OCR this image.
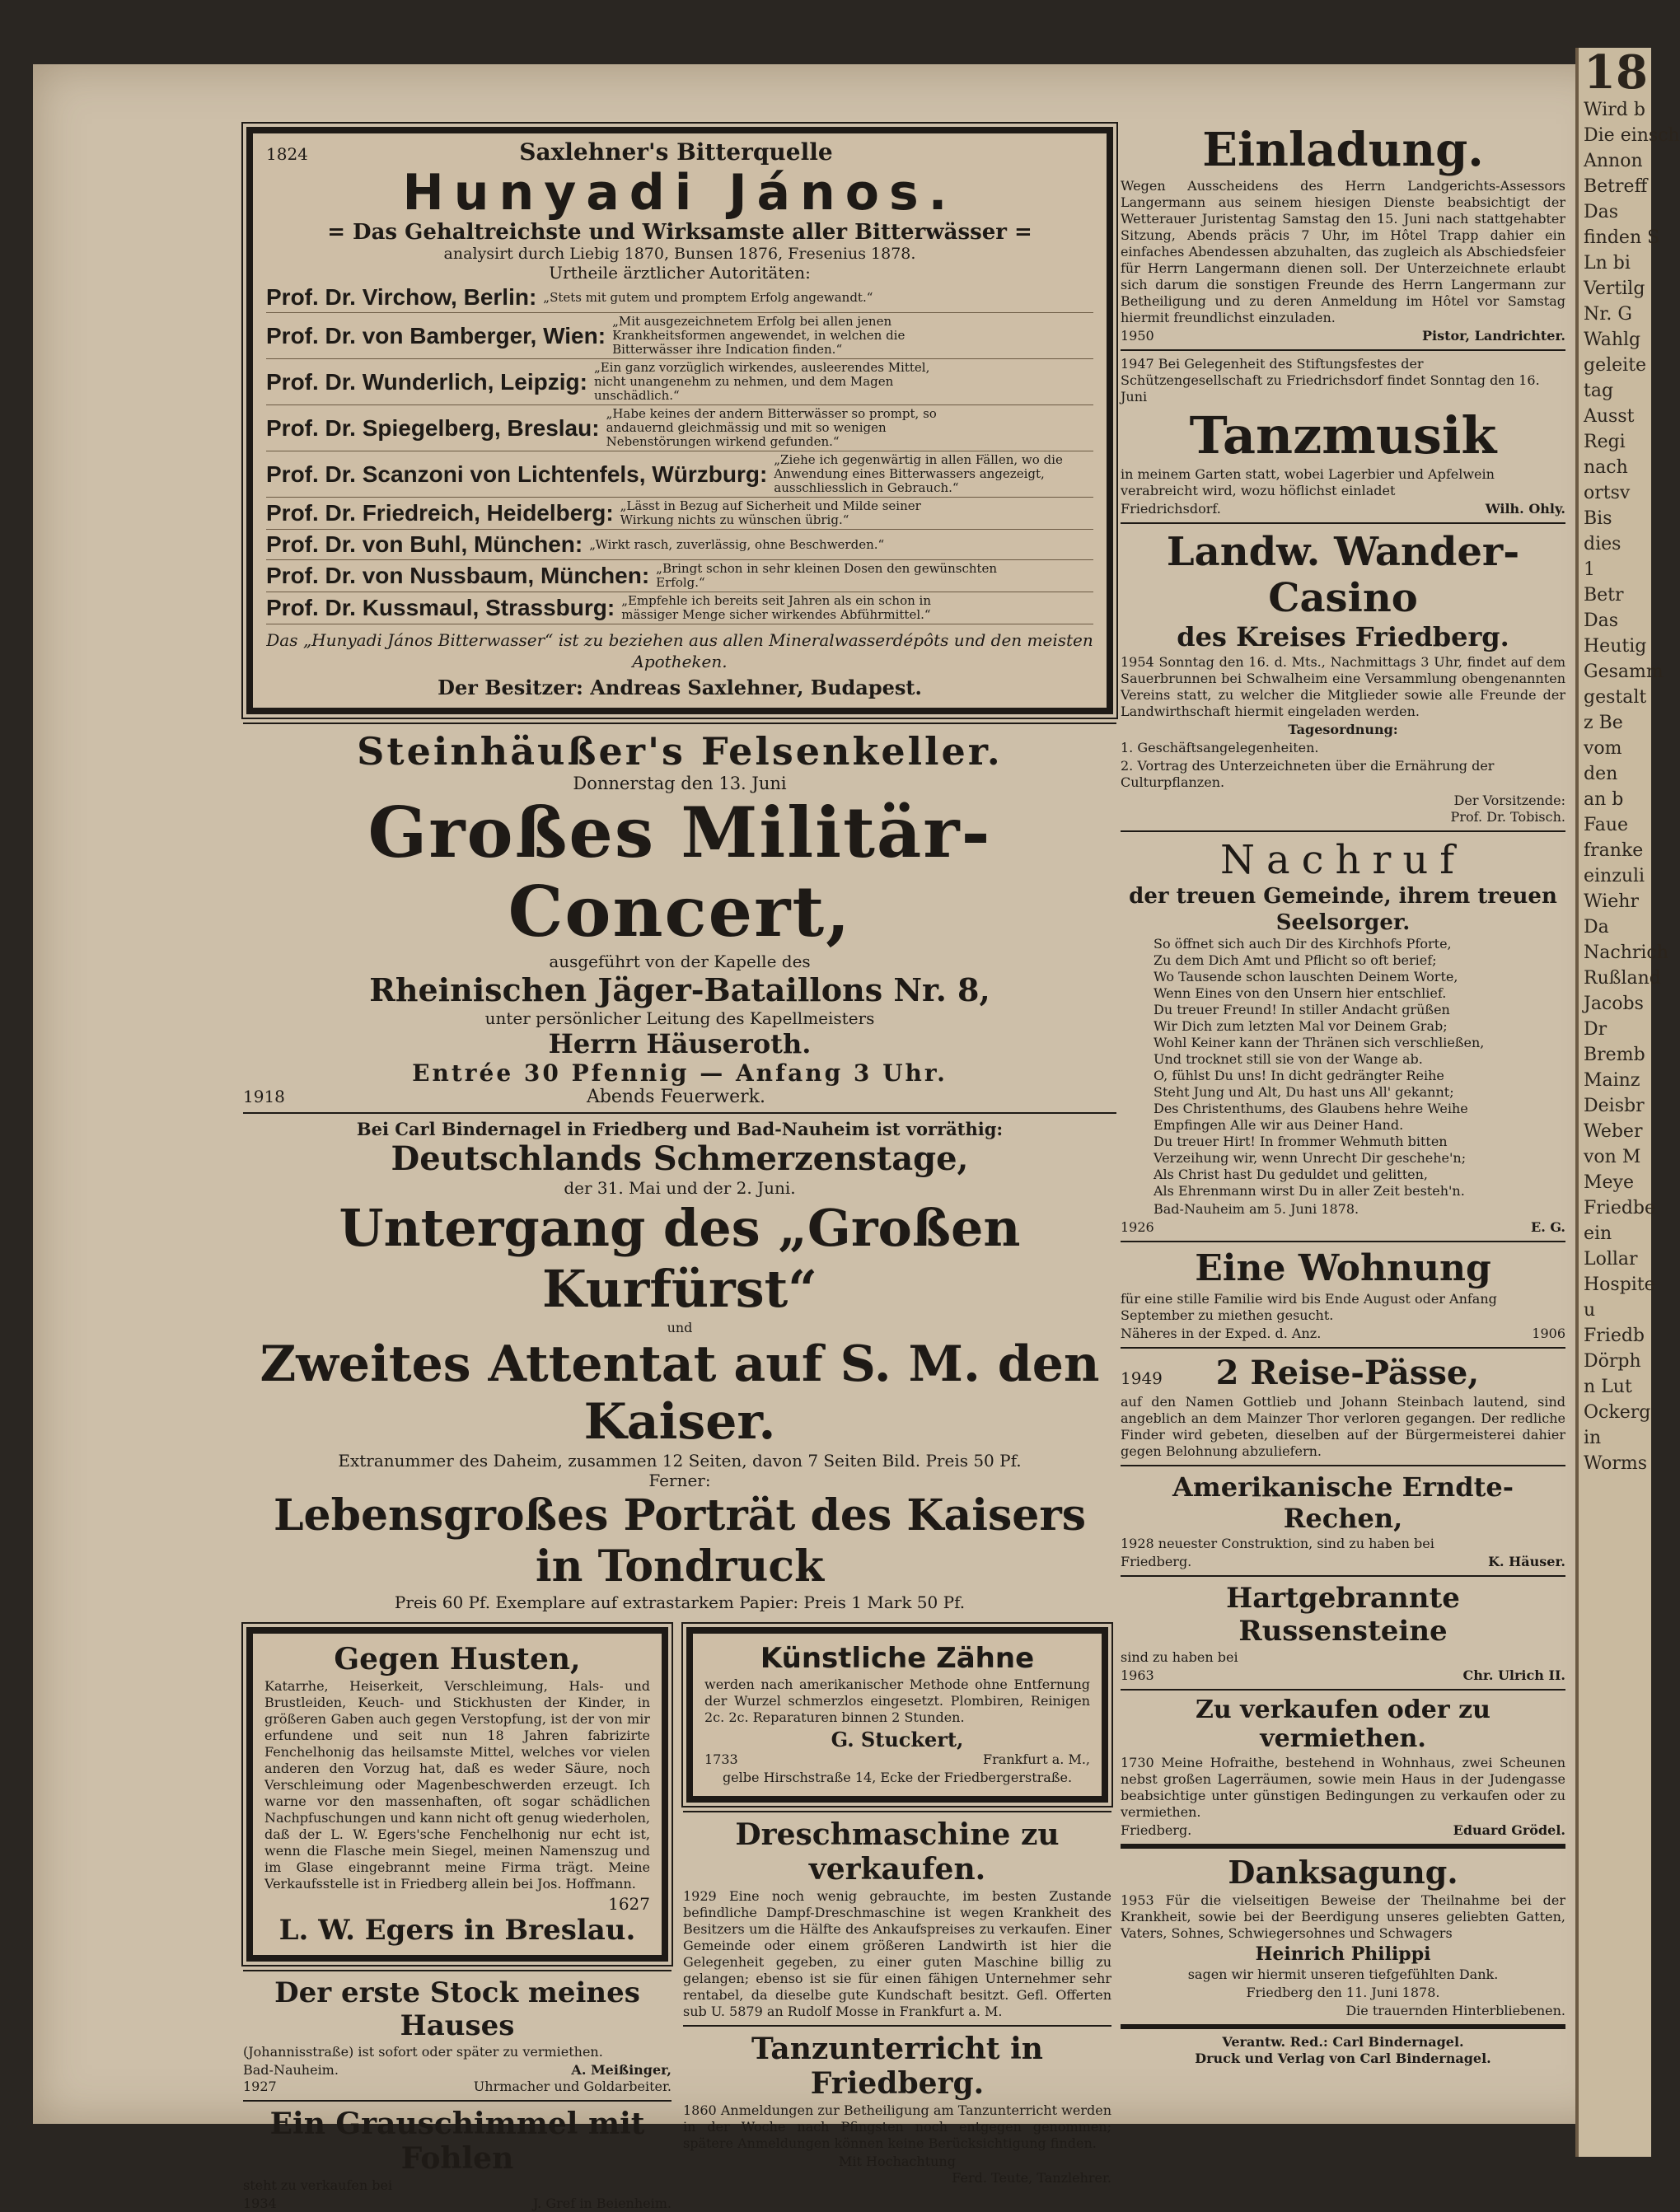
18
Wird b
Die einsch
Annon
Betreff
Das
finden S
Ln bi
Vertilg
Nr. G
Wahlg
geleite
tag
Ausst
Regi
nach
ortsv
Bis
dies
1
Betr
Das
Heutig
Gesamm
gestalt
z Be
vom
den
an b
Faue
franke
einzuli
Wiehr
Da
Nachrich
Rußland
Jacobs
Dr
Bremb
Mainz
Deisbr
Weber
von M
Meye
Friedbe
ein
Lollar
Hospite
u
Friedb
Dörph
n Lut
Ockerg
in
Worms
1824	Saxlehner's Bitterquelle
Hunyadi János.
= Das Gehaltreichste und Wirksamste aller Bitterwässer =
analysirt durch Liebig 1870, Bunsen 1876, Fresenius 1878.
Urtheile ärztlicher Autoritäten:
Prof. Dr. Virchow, Berlin: „Stets mit gutem und promptem Erfolg angewandt.“
Prof. Dr. von Bamberger, Wien:
„Mit ausgezeichnetem Erfolg bei allen jenen Krankheitsformen angewendet, in welchen die Bitterwässer ihre Indication finden.“
Prof. Dr. Wunderlich, Leipzig:
„Ein ganz vorzüglich wirkendes, ausleerendes Mittel, nicht unangenehm zu nehmen, und dem Magen unschädlich.“
Prof. Dr. Spiegelberg, Breslau:
„Habe keines der andern Bitterwässer so prompt, so andauernd gleichmässig und mit so wenigen Nebenstörungen wirkend gefunden.“
Prof. Dr. Scanzoni von Lichtenfels, Würzburg:
„Ziehe ich gegenwärtig in allen Fällen, wo die Anwendung eines Bitterwassers angezeigt, ausschliesslich in Gebrauch.“
Prof. Dr. Friedreich, Heidelberg: „Lässt in Bezug auf Sicherheit und Milde seiner Wirkung nichts zu wünschen übrig.“
Prof. Dr. von Buhl, München: „Wirkt rasch, zuverlässig, ohne Beschwerden.“
Prof. Dr. von Nussbaum, München: „Bringt schon in sehr kleinen Dosen den gewünschten Erfolg.“
Prof. Dr. Kussmaul, Strassburg: „Empfehle ich bereits seit Jahren als ein schon in mässiger Menge sicher wirkendes Abführmittel.“
Das „Hunyadi János Bitterwasser“ ist zu beziehen aus allen Mineralwasserdépôts und den meisten Apotheken.
Der Besitzer: Andreas Saxlehner, Budapest.
Steinhäußer's Felsenkeller.
Donnerstag den 13. Juni
Großes Militär-Concert,
ausgeführt von der Kapelle des
Rheinischen Jäger-Bataillons Nr. 8,
unter persönlicher Leitung des Kapellmeisters
Herrn Häuseroth.
Entrée 30 Pfennig — Anfang 3 Uhr.
1918	Abends Feuerwerk.
Bei Carl Bindernagel in Friedberg und Bad-Nauheim ist vorräthig:
Deutschlands Schmerzenstage,
der 31. Mai und der 2. Juni.
Untergang des „Großen Kurfürst“
und
Zweites Attentat auf S. M. den Kaiser.
Extranummer des Daheim, zusammen 12 Seiten, davon 7 Seiten Bild. Preis 50 Pf.
Ferner:
Lebensgroßes Porträt des Kaisers in Tondruck
Preis 60 Pf. Exemplare auf extrastarkem Papier: Preis 1 Mark 50 Pf.
Gegen Husten,

Katarrhe, Heiserkeit, Verschleimung, Hals- und Brustleiden, Keuch- und Stickhusten der Kinder, in größeren Gaben auch gegen Verstopfung, ist der von mir erfundene und seit nun 18 Jahren fabrizirte Fenchelhonig das heilsamste Mittel, welches vor vielen anderen den Vorzug hat, daß es weder Säure, noch Verschleimung oder Magenbeschwerden erzeugt. Ich warne vor den massenhaften, oft sogar schädlichen Nachpfuschungen und kann nicht oft genug wiederholen, daß der L. W. Egers'sche Fenchelhonig nur echt ist, wenn die Flasche mein Siegel, meinen Namenszug und im Glase eingebrannt meine Firma trägt. Meine Verkaufsstelle ist in Friedberg allein bei Jos. Hoffmann.

1627
L. W. Egers in Breslau.
Der erste Stock meines Hauses

(Johannisstraße) ist sofort oder später zu vermiethen.

Bad-Nauheim.	A. Meißinger,
1927	Uhrmacher und Goldarbeiter.
Ein Grauschimmel mit Fohlen

steht zu verkaufen bei

1934	J. Gref in Beienheim.
Künstliche Zähne

werden nach amerikanischer Methode ohne Entfernung der Wurzel schmerzlos eingesetzt. Plombiren, Reinigen 2c. 2c. Reparaturen binnen 2 Stunden.

G. Stuckert,
1733	Frankfurt a. M.,

gelbe Hirschstraße 14, Ecke der Friedbergerstraße.

Dreschmaschine zu verkaufen.

1929 Eine noch wenig gebrauchte, im besten Zustande befindliche Dampf-Dreschmaschine ist wegen Krankheit des Besitzers um die Hälfte des Ankaufspreises zu verkaufen. Einer Gemeinde oder einem größeren Landwirth ist hier die Gelegenheit gegeben, zu einer guten Maschine billig zu gelangen; ebenso ist sie für einen fähigen Unternehmer sehr rentabel, da dieselbe gute Kundschaft besitzt. Gefl. Offerten sub U. 5879 an Rudolf Mosse in Frankfurt a. M.

Tanzunterricht in Friedberg.

1860 Anmeldungen zur Betheiligung am Tanzunterricht werden in der Woche nach Pfingsten noch entgegen genommen; spätere Anmeldungen können keine Berücksichtigung finden.

Mit Hochachtung
Ferd. Teute, Tanzlehrer.
Einladung.

Wegen Ausscheidens des Herrn Landgerichts-Assessors Langermann aus seinem hiesigen Dienste beabsichtigt der Wetterauer Juristentag Samstag den 15. Juni nach stattgehabter Sitzung, Abends präcis 7 Uhr, im Hôtel Trapp dahier ein einfaches Abendessen abzuhalten, das zugleich als Abschiedsfeier für Herrn Langermann dienen soll. Der Unterzeichnete erlaubt sich darum die sonstigen Freunde des Herrn Langermann zur Betheiligung und zu deren Anmeldung im Hôtel vor Samstag hiermit freundlichst einzuladen.

1950	Pistor, Landrichter.

1947 Bei Gelegenheit des Stiftungsfestes der Schützengesellschaft zu Friedrichsdorf findet Sonntag den 16. Juni

Tanzmusik

in meinem Garten statt, wobei Lagerbier und Apfelwein verabreicht wird, wozu höflichst einladet

Friedrichsdorf.	Wilh. Ohly.
Landw. Wander-Casino
des Kreises Friedberg.

1954 Sonntag den 16. d. Mts., Nachmittags 3 Uhr, findet auf dem Sauerbrunnen bei Schwalheim eine Versammlung obengenannten Vereins statt, zu welcher die Mitglieder sowie alle Freunde der Landwirthschaft hiermit eingeladen werden.

Tagesordnung:

1. Geschäftsangelegenheiten.

2. Vortrag des Unterzeichneten über die Ernährung der Culturpflanzen.

Der Vorsitzende:
Prof. Dr. Tobisch.
Nachruf
der treuen Gemeinde, ihrem treuen Seelsorger.
So öffnet sich auch Dir des Kirchhofs Pforte,
Zu dem Dich Amt und Pflicht so oft berief;
Wo Tausende schon lauschten Deinem Worte,
Wenn Eines von den Unsern hier entschlief.
Du treuer Freund! In stiller Andacht grüßen
Wir Dich zum letzten Mal vor Deinem Grab;
Wohl Keiner kann der Thränen sich verschließen,
Und trocknet still sie von der Wange ab.
O, fühlst Du uns! In dicht gedrängter Reihe
Steht Jung und Alt, Du hast uns All' gekannt;
Des Christenthums, des Glaubens hehre Weihe
Empfingen Alle wir aus Deiner Hand.
Du treuer Hirt! In frommer Wehmuth bitten
Verzeihung wir, wenn Unrecht Dir geschehe'n;
Als Christ hast Du geduldet und gelitten,
Als Ehrenmann wirst Du in aller Zeit besteh'n.

Bad-Nauheim am 5. Juni 1878.

1926	E. G.
Eine Wohnung

für eine stille Familie wird bis Ende August oder Anfang September zu miethen gesucht.

Näheres in der Exped. d. Anz.	1906
1949 2 Reise-Pässe,

auf den Namen Gottlieb und Johann Steinbach lautend, sind angeblich an dem Mainzer Thor verloren gegangen. Der redliche Finder wird gebeten, dieselben auf der Bürgermeisterei dahier gegen Belohnung abzuliefern.

Amerikanische Erndte-Rechen,

1928 neuester Construktion, sind zu haben bei

Friedberg.	K. Häuser.
Hartgebrannte Russensteine

sind zu haben bei

1963	Chr. Ulrich II.
Zu verkaufen oder zu vermiethen.

1730 Meine Hofraithe, bestehend in Wohnhaus, zwei Scheunen nebst großen Lagerräumen, sowie mein Haus in der Judengasse beabsichtige unter günstigen Bedingungen zu verkaufen oder zu vermiethen.

Friedberg.	Eduard Grödel.
Danksagung.

1953 Für die vielseitigen Beweise der Theilnahme bei der Krankheit, sowie bei der Beerdigung unseres geliebten Gatten, Vaters, Sohnes, Schwiegersohnes und Schwagers

Heinrich Philippi

sagen wir hiermit unseren tiefgefühlten Dank.

Friedberg den 11. Juni 1878.

Die trauernden Hinterbliebenen.
Verantw. Red.: Carl Bindernagel.
Druck und Verlag von Carl Bindernagel.
